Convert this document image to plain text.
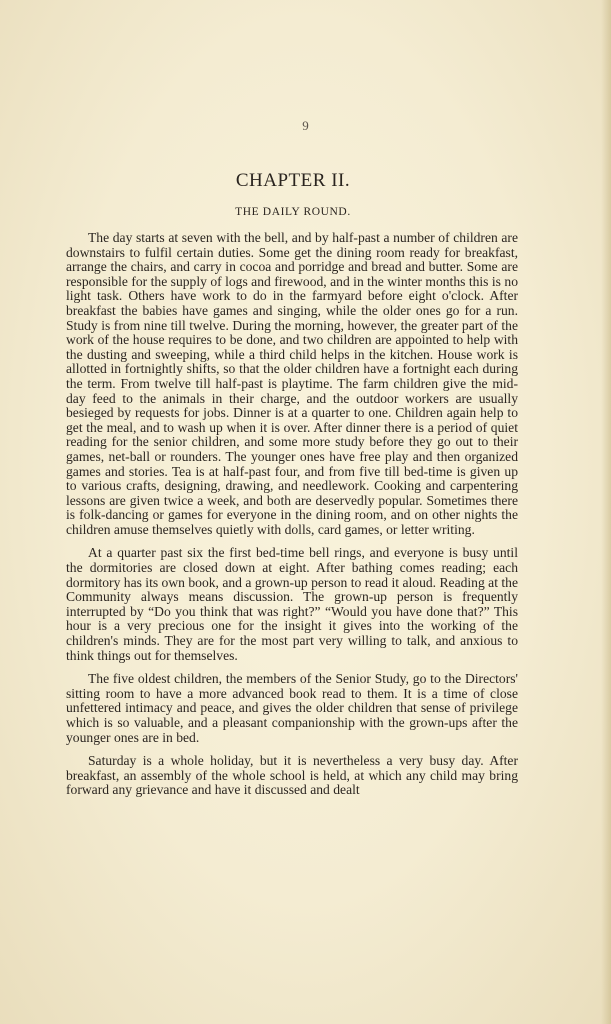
9
CHAPTER II.
THE DAILY ROUND.

The day starts at seven with the bell, and by half-past a number of children are downstairs to fulfil certain duties. Some get the dining room ready for breakfast, arrange the chairs, and carry in cocoa and porridge and bread and butter. Some are responsible for the supply of logs and firewood, and in the winter months this is no light task. Others have work to do in the farmyard before eight o'clock. After breakfast the babies have games and singing, while the older ones go for a run. Study is from nine till twelve. During the morning, however, the greater part of the work of the house requires to be done, and two children are appointed to help with the dusting and sweeping, while a third child helps in the kitchen. House work is allotted in fortnightly shifts, so that the older children have a fortnight each during the term. From twelve till half-past is playtime. The farm children give the mid-day feed to the animals in their charge, and the outdoor workers are usually besieged by requests for jobs. Dinner is at a quarter to one. Children again help to get the meal, and to wash up when it is over. After dinner there is a period of quiet reading for the senior children, and some more study before they go out to their games, net-ball or rounders. The younger ones have free play and then organized games and stories. Tea is at half-past four, and from five till bed-time is given up to various crafts, designing, drawing, and needlework. Cooking and carpentering lessons are given twice a week, and both are deservedly popular. Sometimes there is folk-dancing or games for everyone in the dining room, and on other nights the children amuse themselves quietly with dolls, card games, or letter writing.

At a quarter past six the first bed-time bell rings, and everyone is busy until the dormitories are closed down at eight. After bathing comes reading; each dormitory has its own book, and a grown-up person to read it aloud. Reading at the Community always means discussion. The grown-up person is frequently interrupted by “Do you think that was right?” “Would you have done that?” This hour is a very precious one for the insight it gives into the working of the children's minds. They are for the most part very willing to talk, and anxious to think things out for themselves.

The five oldest children, the members of the Senior Study, go to the Directors' sitting room to have a more advanced book read to them. It is a time of close unfettered intimacy and peace, and gives the older children that sense of privilege which is so valuable, and a pleasant companionship with the grown-ups after the younger ones are in bed.

Saturday is a whole holiday, but it is nevertheless a very busy day. After breakfast, an assembly of the whole school is held, at which any child may bring forward any grievance and have it discussed and dealt
